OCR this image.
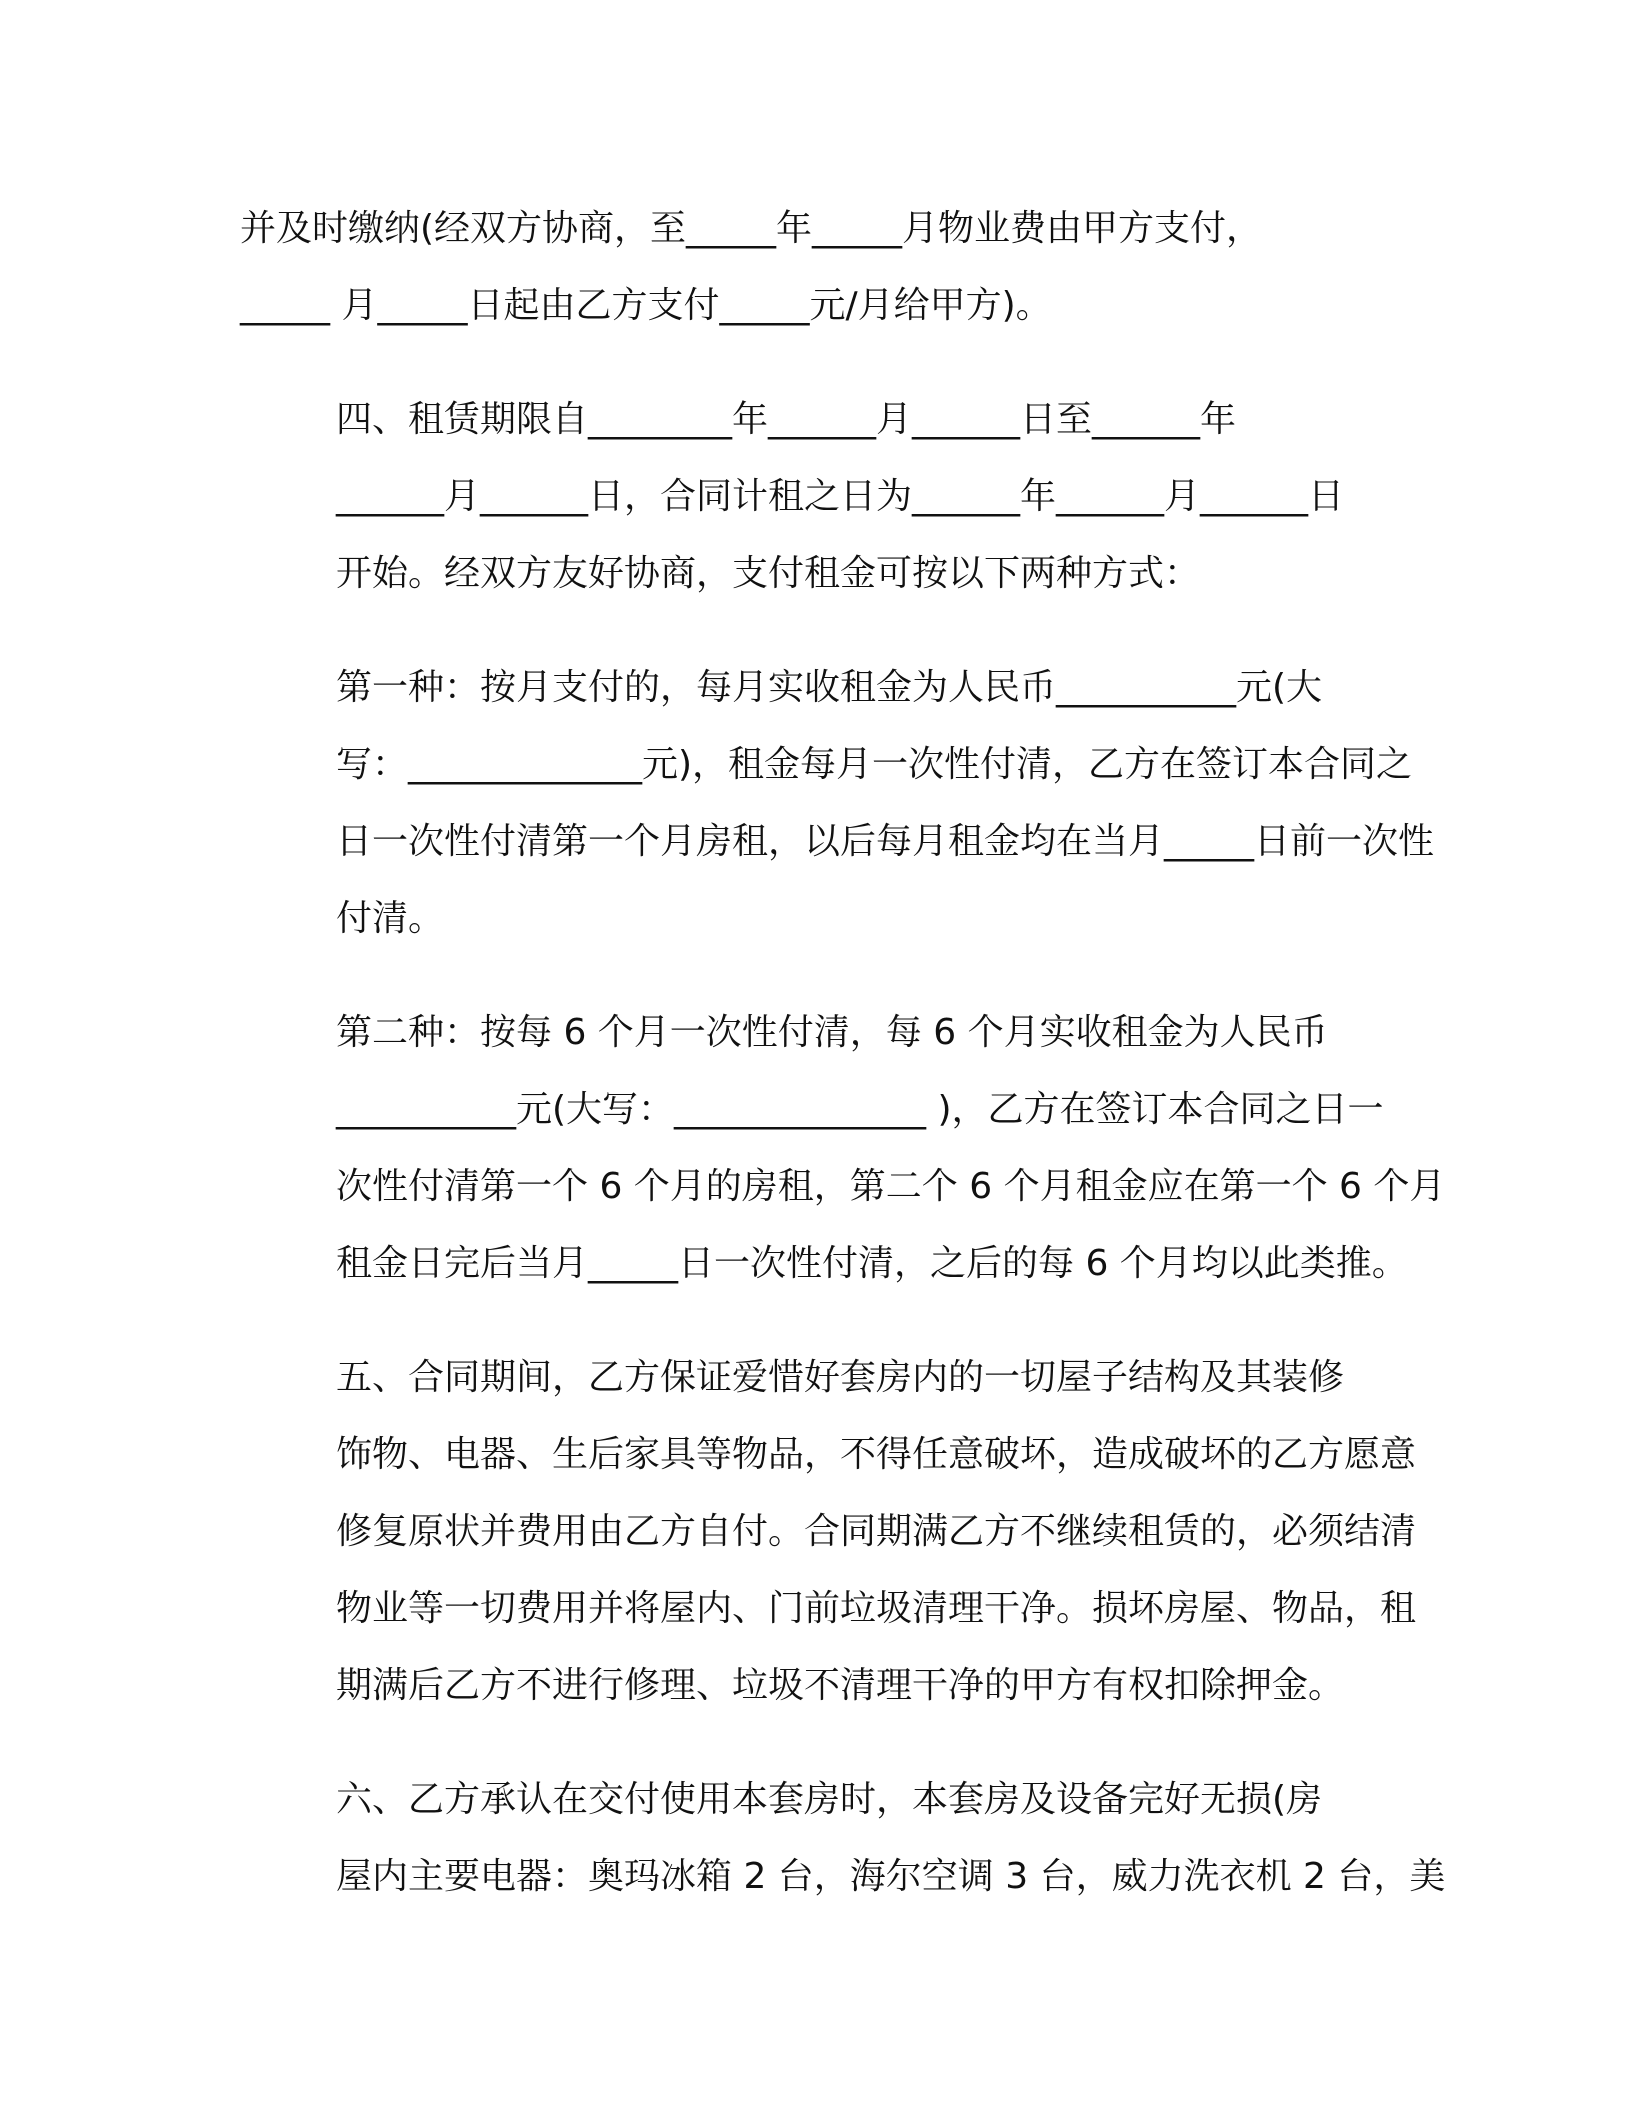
并及时缴纳(经双方协商，至_____年_____月物业费由甲方支付，
_____ 月_____日起由乙方支付_____元/月给甲方)。

四、租赁期限自________年______月______日至______年
______月______日，合同计租之日为______年______月______日
开始。经双方友好协商，支付租金可按以下两种方式：

第一种：按月支付的，每月实收租金为人民币__________元(大
写：_____________元)，租金每月一次性付清，乙方在签订本合同之
日一次性付清第一个月房租，以后每月租金均在当月_____日前一次性
付清。

第二种：按每 6 个月一次性付清，每 6 个月实收租金为人民币
__________元(大写：______________ )，乙方在签订本合同之日一
次性付清第一个 6 个月的房租，第二个 6 个月租金应在第一个 6 个月
租金日完后当月_____日一次性付清，之后的每 6 个月均以此类推。

五、合同期间，乙方保证爱惜好套房内的一切屋子结构及其装修
饰物、电器、生后家具等物品，不得任意破坏，造成破坏的乙方愿意
修复原状并费用由乙方自付。合同期满乙方不继续租赁的，必须结清
物业等一切费用并将屋内、门前垃圾清理干净。损坏房屋、物品，租
期满后乙方不进行修理、垃圾不清理干净的甲方有权扣除押金。

六、乙方承认在交付使用本套房时，本套房及设备完好无损(房
屋内主要电器：奥玛冰箱 2 台，海尔空调 3 台，威力洗衣机 2 台，美
